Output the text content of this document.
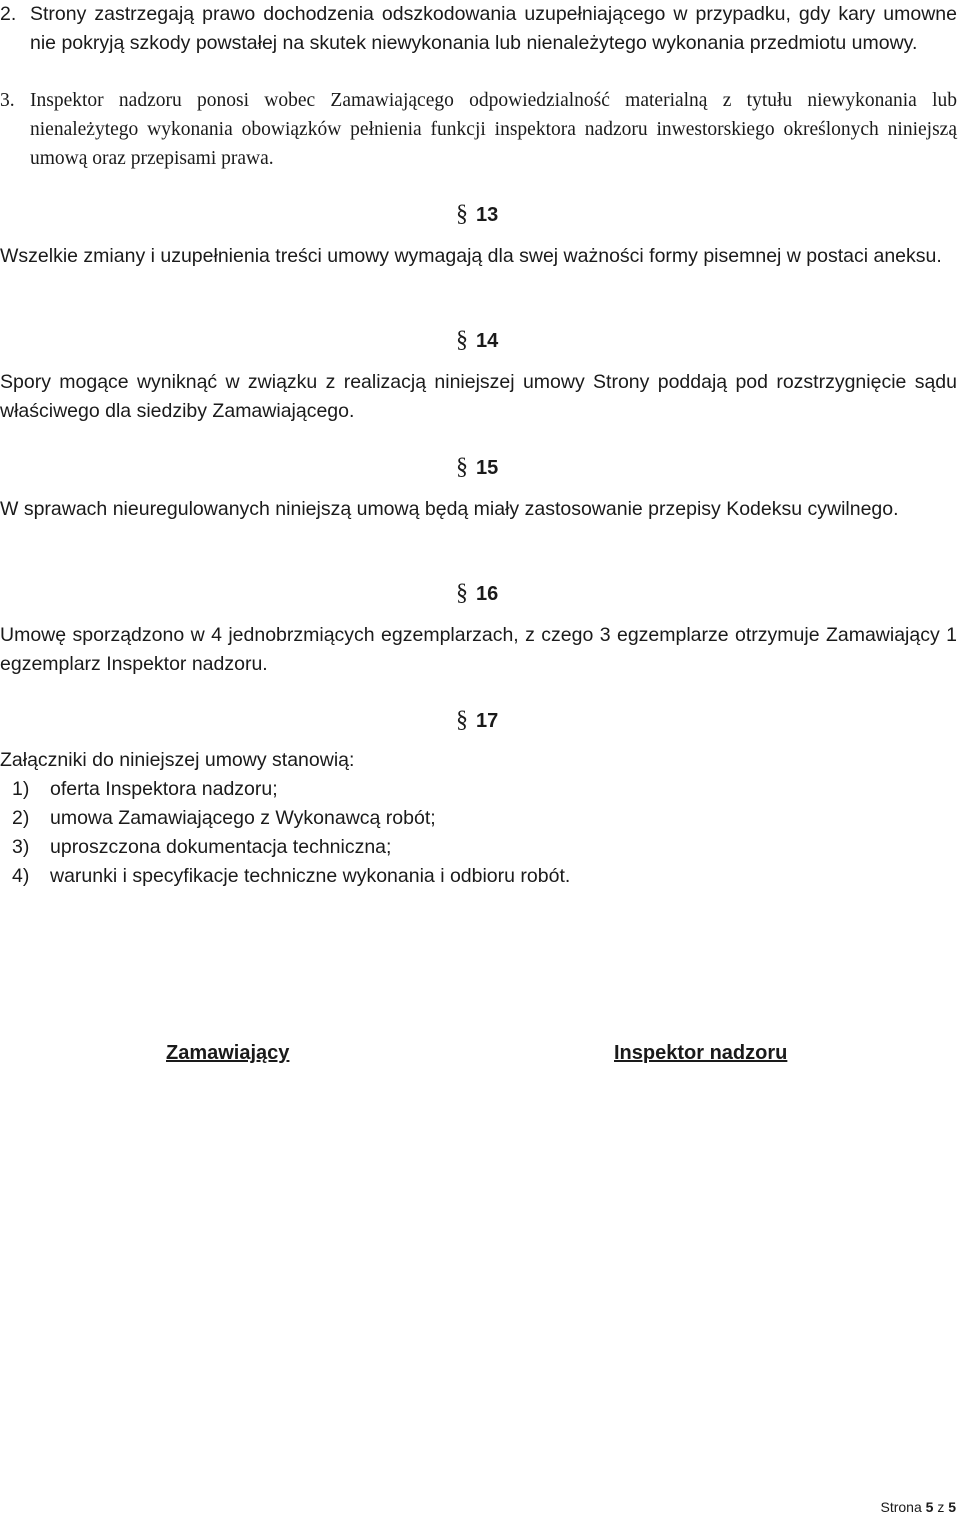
2. Strony zastrzegają prawo dochodzenia odszkodowania uzupełniającego w przypadku, gdy kary umowne nie pokryją szkody powstałej na skutek niewykonania lub nienależytego wykonania przedmiotu umowy.
3. Inspektor nadzoru ponosi wobec Zamawiającego odpowiedzialność materialną z tytułu niewykonania lub nienależytego wykonania obowiązków pełnienia funkcji inspektora nadzoru inwestorskiego określonych niniejszą umową oraz przepisami prawa.
§ 13

Wszelkie zmiany i uzupełnienia treści umowy wymagają dla swej ważności formy pisemnej w postaci aneksu.

§ 14

Spory mogące wyniknąć w związku z realizacją niniejszej umowy Strony poddają pod rozstrzygnięcie sądu właściwego dla siedziby Zamawiającego.

§ 15

W sprawach nieuregulowanych niniejszą umową będą miały zastosowanie przepisy Kodeksu cywilnego.

§ 16

Umowę sporządzono w 4 jednobrzmiących egzemplarzach, z czego 3 egzemplarze otrzymuje Zamawiający 1 egzemplarz Inspektor nadzoru.

§ 17

Załączniki do niniejszej umowy stanowią:

1) oferta Inspektora nadzoru;
2) umowa Zamawiającego z Wykonawcą robót;
3) uproszczona dokumentacja techniczna;
4) warunki i specyfikacje techniczne wykonania i odbioru robót.
Zamawiający	Inspektor nadzoru
Strona 5 z 5
